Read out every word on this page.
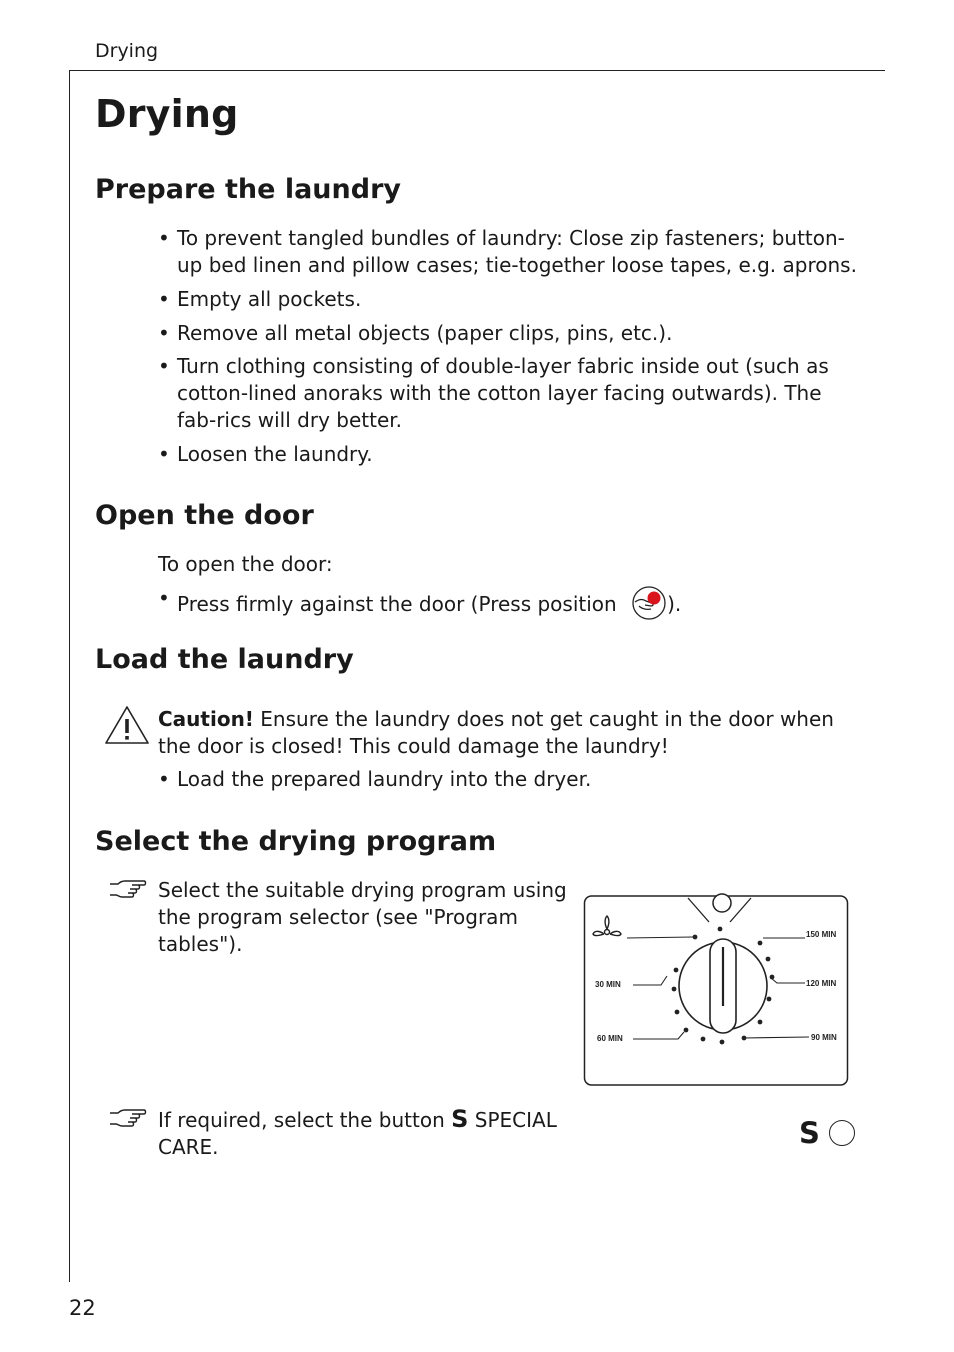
Drying
Drying
Prepare the laundry
• To prevent tangled bundles of laundry: Close zip fasteners; button-up bed linen and pillow cases; tie-together loose tapes, e.g. aprons.
• Empty all pockets.
• Remove all metal objects (paper clips, pins, etc.).
• Turn clothing consisting of double-layer fabric inside out (such as cotton-lined anoraks with the cotton layer facing outwards). The fab-rics will dry better.
• Loosen the laundry.
Open the door
To open the door:
• Press firmly against the door (Press position	).
Load the laundry
Caution! Ensure the laundry does not get caught in the door when the door is closed! This could damage the laundry!
• Load the prepared laundry into the dryer.
Select the drying program
Select the suitable drying program using the program selector (see "Program tables").	150 MIN
120 MIN
30 MIN
60 MIN	90 MIN
If required, select the button S SPECIAL CARE.	S
22
